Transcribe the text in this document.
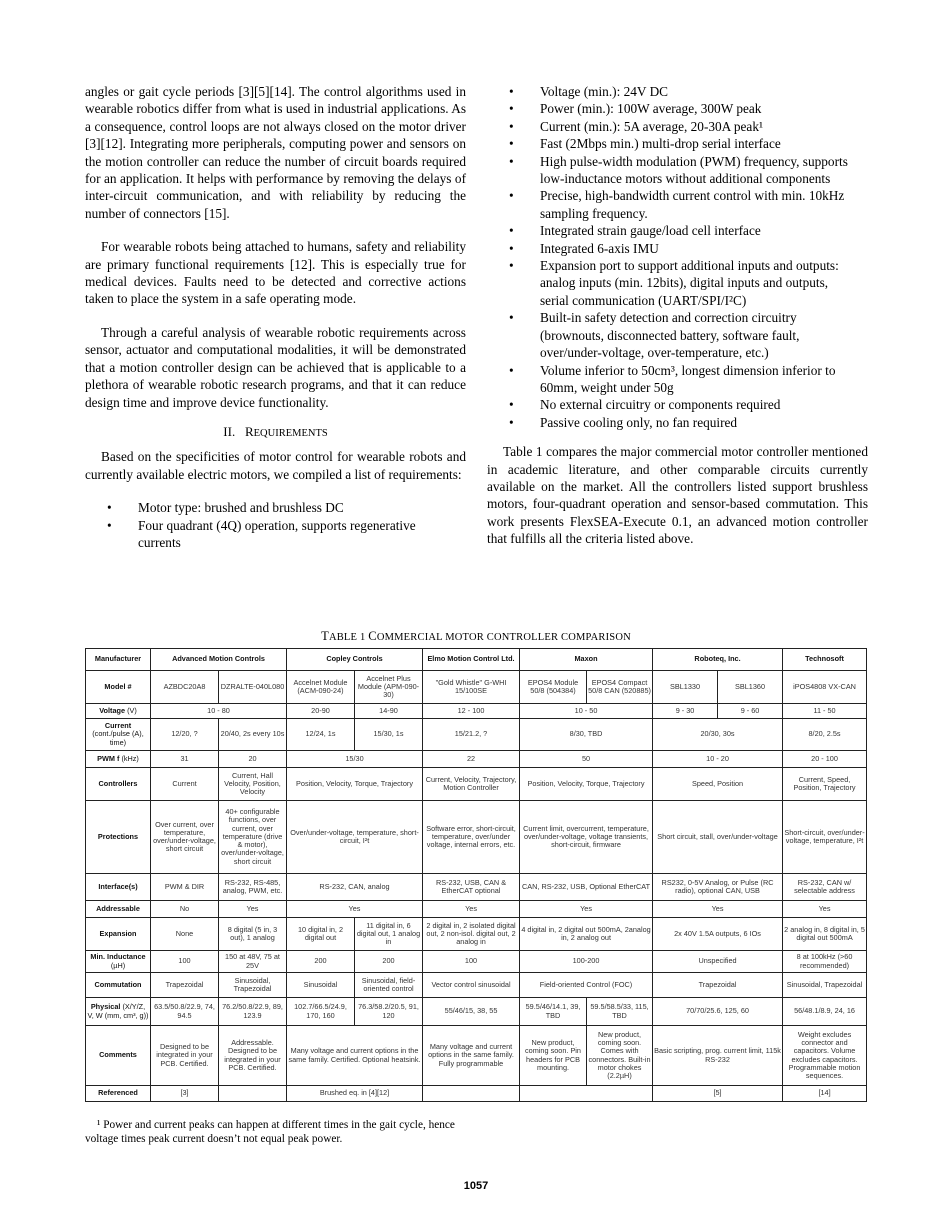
angles or gait cycle periods [3][5][14]. The control algorithms used in wearable robotics differ from what is used in industrial applications. As a consequence, control loops are not always closed on the motor driver [3][12]. Integrating more peripherals, computing power and sensors on the motion controller can reduce the number of circuit boards required for an application. It helps with performance by removing the delays of inter-circuit communication, and with reliability by reducing the number of connectors [15].

For wearable robots being attached to humans, safety and reliability are primary functional requirements [12]. This is especially true for medical devices. Faults need to be detected and corrective actions taken to place the system in a safe operating mode.

Through a careful analysis of wearable robotic requirements across sensor, actuator and computational modalities, it will be demonstrated that a motion controller design can be achieved that is applicable to a plethora of wearable robotic research programs, and that it can reduce design time and improve device functionality.

II. REQUIREMENTS

Based on the specificities of motor control for wearable robots and currently available electric motors, we compiled a list of requirements:

• Motor type: brushed and brushless DC
• Four quadrant (4Q) operation, supports regenerative currents
• Voltage (min.): 24V DC
• Power (min.): 100W average, 300W peak
• Current (min.): 5A average, 20-30A peak¹
• Fast (2Mbps min.) multi-drop serial interface
• High pulse-width modulation (PWM) frequency, supports low-inductance motors without additional components
• Precise, high-bandwidth current control with min. 10kHz sampling frequency.
• Integrated strain gauge/load cell interface
• Integrated 6-axis IMU
• Expansion port to support additional inputs and outputs: analog inputs (min. 12bits), digital inputs and outputs, serial communication (UART/SPI/I²C)
• Built-in safety detection and correction circuitry (brownouts, disconnected battery, software fault, over/under-voltage, over-temperature, etc.)
• Volume inferior to 50cm³, longest dimension inferior to 60mm, weight under 50g
• No external circuitry or components required
• Passive cooling only, no fan required

Table 1 compares the major commercial motor controller mentioned in academic literature, and other comparable circuits currently available on the market. All the controllers listed support brushless motors, four-quadrant operation and sensor-based commutation. This work presents FlexSEA-Execute 0.1, an advanced motion controller that fulfills all the criteria listed above.

TABLE 1 COMMERCIAL MOTOR CONTROLLER COMPARISON
Manufacturer	Advanced Motion Controls		Copley Controls		Elmo Motion Control Ltd.	Maxon		Roboteq, Inc.		Technosoft
Model #	AZBDC20A8	DZRALTE-040L080	Accelnet Module (ACM-090-24)	Accelnet Plus Module (APM-090-30)	"Gold Whistle" G-WHI 15/100SE	EPOS4 Module 50/8 (504384)	EPOS4 Compact 50/8 CAN (520885)	SBL1330	SBL1360	iPOS4808 VX-CAN
Voltage (V)	10 - 80		20-90	14-90	12 - 100	10 - 50		9 - 30	9 - 60	11 - 50
Current (cont./pulse (A), time)	12/20, ?	20/40, 2s every 10s	12/24, 1s	15/30, 1s	15/21.2, ?	8/30, TBD		20/30, 30s		8/20, 2.5s
PWM f (kHz)	31	20	15/30		22	50		10 - 20		20 - 100
Controllers	Current	Current, Hall Velocity, Position, Velocity	Position, Velocity, Torque, Trajectory		Current, Velocity, Trajectory, Motion Controller	Position, Velocity, Torque, Trajectory		Speed, Position		Current, Speed, Position, Trajectory
Protections	Over current, over temperature, over/under-voltage, short circuit	40+ configurable functions, over current, over temperature (drive & motor), over/under-voltage, short circuit	Over/under-voltage, temperature, short-circuit, I²t		Software error, short-circuit, temperature, over/under voltage, internal errors, etc.	Current limit, overcurrent, temperature, over/under-voltage, voltage transients, short-circuit, firmware		Short circuit, stall, over/under-voltage		Short-circuit, over/under-voltage, temperature, I²t
Interface(s)	PWM & DIR	RS-232, RS-485, analog, PWM, etc.	RS-232, CAN, analog		RS-232, USB, CAN & EtherCAT optional	CAN, RS-232, USB, Optional EtherCAT		RS232, 0-5V Analog, or Pulse (RC radio), optional CAN, USB		RS-232, CAN w/ selectable address
Addressable	No	Yes	Yes		Yes	Yes		Yes		Yes
Expansion	None	8 digital (5 in, 3 out), 1 analog	10 digital in, 2 digital out	11 digital in, 6 digital out, 1 analog in	2 digital in, 2 isolated digital out, 2 non-isol. digital out, 2 analog in	4 digital in, 2 digital out 500mA, 2analog in, 2 analog out		2x 40V 1.5A outputs, 6 IOs		2 analog in, 8 digital in, 5 digital out 500mA
Min. Inductance (µH)	100	150 at 48V, 75 at 25V	200	200	100	100-200		Unspecified		8 at 100kHz (>60 recommended)
Commutation	Trapezoidal	Sinusoidal, Trapezoidal	Sinusoidal	Sinusoidal, field-oriented control	Vector control sinusoidal	Field-oriented Control (FOC)		Trapezoidal		Sinusoidal, Trapezoidal
Physical (X/Y/Z, V, W (mm, cm³, g))	63.5/50.8/22.9, 74, 94.5	76.2/50.8/22.9, 89, 123.9	102.7/66.5/24.9, 170, 160	76.3/58.2/20.5, 91, 120	55/46/15, 38, 55	59.5/46/14.1, 39, TBD	59.5/58.5/33, 115, TBD	70/70/25.6, 125, 60		56/48.1/8.9, 24, 16
Comments	Designed to be integrated in your PCB. Certified.	Addressable. Designed to be integrated in your PCB. Certified.	Many voltage and current options in the same family. Certified. Optional heatsink.		Many voltage and current options in the same family. Fully programmable	New product, coming soon. Pin headers for PCB mounting.	New product, coming soon. Comes with connectors. Built-in motor chokes (2.2µH)	Basic scripting, prog. current limit, 115k RS-232		Weight excludes connector and capacitors. Volume excludes capacitors. Programmable motion sequences.
Referenced	[3]		Brushed eq. in [4][12]					[5]		[14]
¹ Power and current peaks can happen at different times in the gait cycle, hence voltage times peak current doesn’t not equal peak power.
1057
